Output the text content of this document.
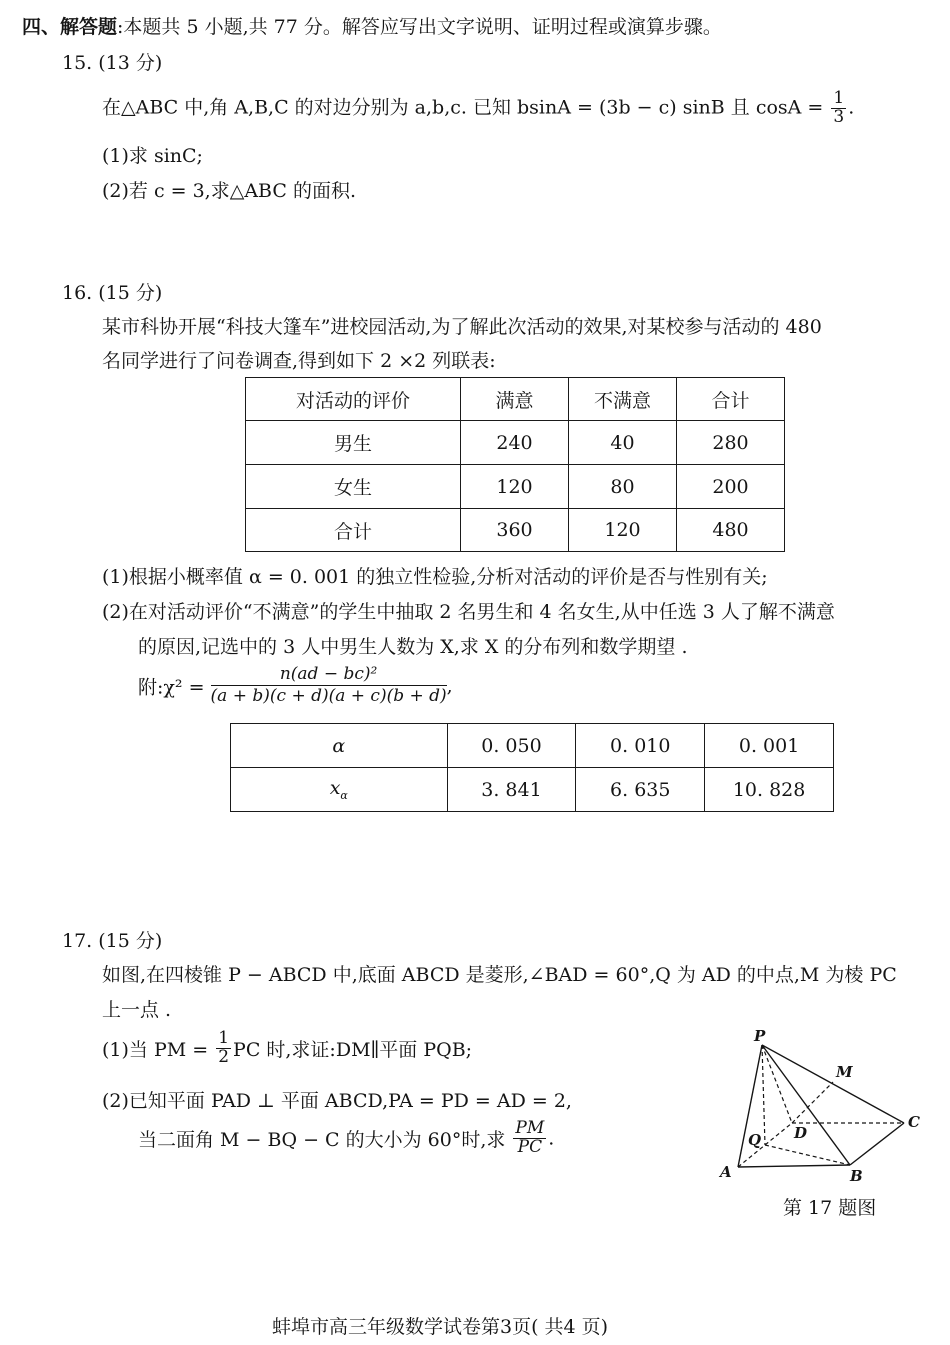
四、解答题:本题共 5 小题,共 77 分。解答应写出文字说明、证明过程或演算步骤。
15. (13 分)
在△ABC 中,角 A,B,C 的对边分别为 a,b,c. 已知 bsinA = (3b − c) sinB 且 $\cos A = \frac{1}{3}$ .
(1)求 sinC;
(2)若 c = 3,求△ABC 的面积.
16. (15 分)
某市科协开展“科技大篷车”进校园活动,为了解此次活动的效果,对某校参与活动的 480
名同学进行了问卷调查,得到如下 2 ×2 列联表:
对活动的评价	满意	不满意	合计
男生	240	40	280
女生	120	80	200
合计	360	120	480
(1)根据小概率值 α = 0. 001 的独立性检验,分析对活动的评价是否与性别有关;
(2)在对活动评价“不满意”的学生中抽取 2 名男生和 4 名女生,从中任选 3 人了解不满意
的原因,记选中的 3 人中男生人数为 X,求 X 的分布列和数学期望 .
附:χ² = $\frac{\text{n(ad − bc)²}}{(a + b)(c + d)(a + c)(b + d)}$ ,
α	0. 050	0. 010	0. 001
$x_\alpha$	3. 841	6. 635	10. 828
17. (15 分)
如图,在四棱锥 P − ABCD 中,底面 ABCD 是菱形,∠BAD = 60°,Q 为 AD 的中点,M 为棱 PC
上一点 .
(1)当 PM = $\frac{1}{2}$ PC 时,求证:DM∥平面 PQB;
(2)已知平面 PAD ⊥ 平面 ABCD,PA = PD = AD = 2,
当二面角 M − BQ − C 的大小为 60°时,求 $\frac{PM}{PC}$ .
P
M
C
D
Q
A	B
第 17 题图
蚌埠市高三年级数学试卷第3页( 共4 页)
